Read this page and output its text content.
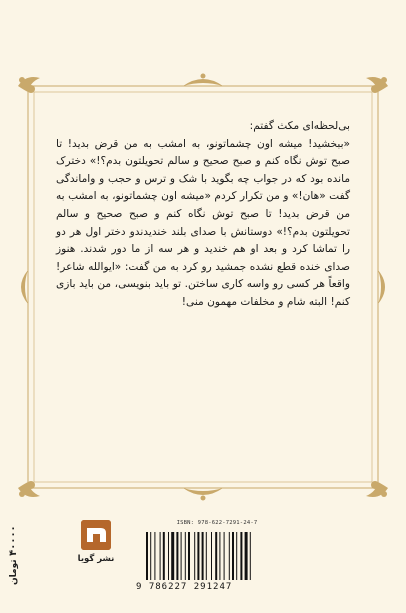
بی‌لحظه‌ای مکث گفتم:

«ببخشید! میشه اون چشماتونو، به امشب به من قرض بدید! تا صبح توش نگاه کنم و صبح صحیح و سالم تحویلتون بدم؟!» دخترک مانده بود که در جواب چه بگوید با شک و ترس و حجب و واماندگی گفت «هان!» و من تکرار کردم «میشه اون چشماتونو، به امشب به من قرض بدید! تا صبح توش نگاه کنم و صبح صحیح و سالم تحویلتون بدم؟!» دوستانش با صدای بلند خندیدندو دختر اول هر دو را تماشا کرد و بعد او هم خندید و هر سه از ما دور شدند. هنوز صدای خنده قطع نشده جمشید رو کرد به من گفت: «ایوالله شاعر! واقعاً هر کسی رو واسه کاری ساختن. تو باید بنویسی، من باید بازی کنم! البته شام و مخلفات مهمون منی!

۴۰۰۰۰ تومان
نشر گویا
ISBN: 978-622-7291-24-7
9 786227 291247
